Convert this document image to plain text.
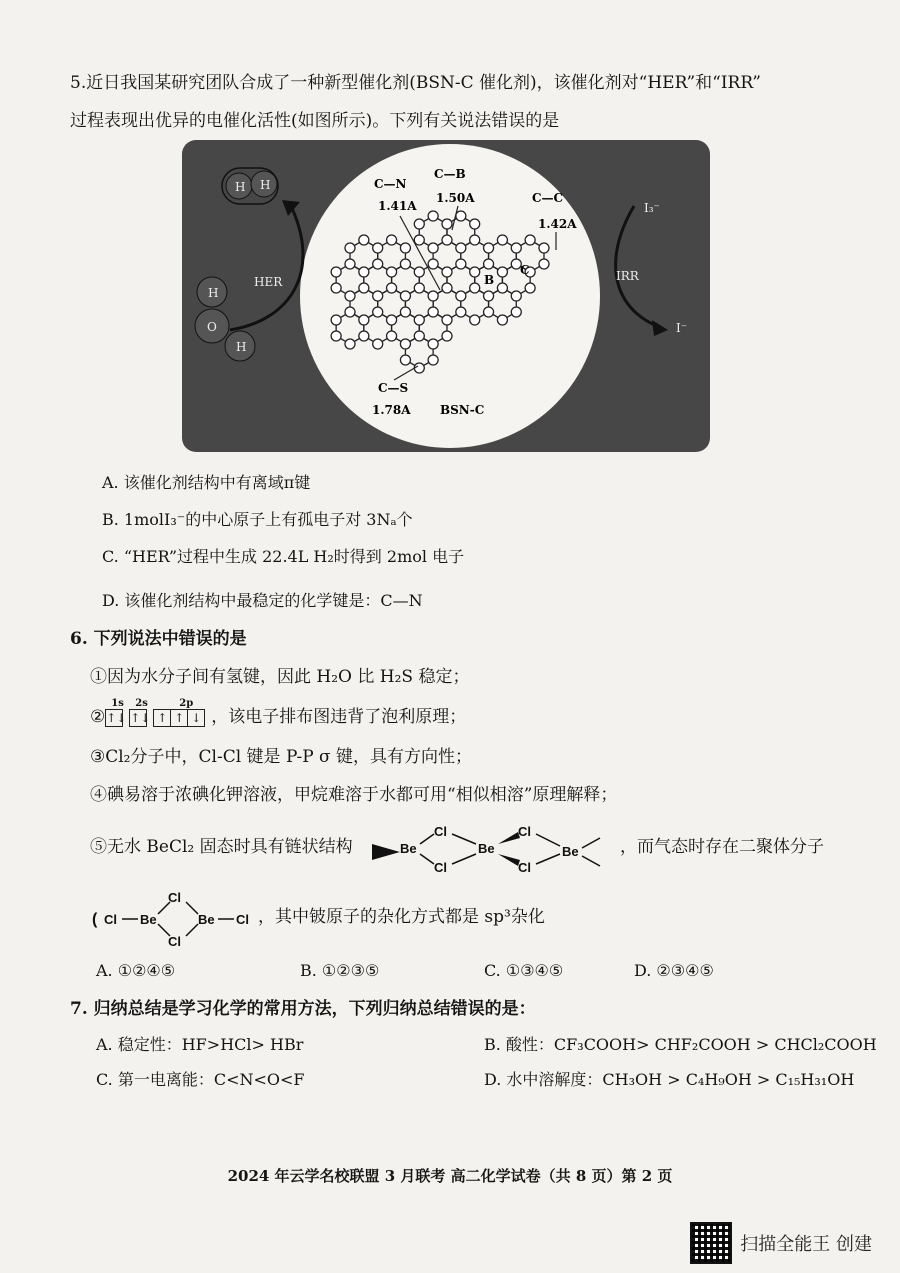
5.近日我国某研究团队合成了一种新型催化剂(BSN-C 催化剂)，该催化剂对“HER”和“IRR”
过程表现出优异的电催化活性(如图所示)。下列有关说法错误的是
H H
H
O
H
HER	IRR
I₃⁻
I⁻
C—N
1.41A
C—B
1.50A	C—C
1.42A
B
C
C—S
1.78A BSN-C
A. 该催化剂结构中有离域π键
B. 1molI₃⁻的中心原子上有孤电子对 3Nₐ个
C. “HER”过程中生成 22.4L H₂时得到 2mol 电子
D. 该催化剂结构中最稳定的化学键是：C—N
6. 下列说法中错误的是
①因为水分子间有氢键，因此 H₂O 比 H₂S 稳定；
②
1s
↑↓
2s
↑↓
2p
↑ ↑ ↓ ，该电子排布图违背了泡利原理；
③Cl₂分子中，Cl-Cl 键是 P-P σ 键，具有方向性；
④碘易溶于浓碘化钾溶液，甲烷难溶于水都可用“相似相溶”原理解释；
⑤无水 BeCl₂ 固态时具有链状结构	Be
Cl
Cl
Be
Cl
Cl
Be ，而气态时存在二聚体分子
( Cl Be
Cl
Cl
Be Cl ，其中铍原子的杂化方式都是 sp³杂化
A. ①②④⑤	B. ①②③⑤	C. ①③④⑤	D. ②③④⑤
7. 归纳总结是学习化学的常用方法，下列归纳总结错误的是：
A. 稳定性：HF>HCl> HBr	B. 酸性：CF₃COOH> CHF₂COOH > CHCl₂COOH
C. 第一电离能：C<N<O<F	D. 水中溶解度：CH₃OH > C₄H₉OH > C₁₅H₃₁OH
2024 年云学名校联盟 3 月联考 高二化学试卷（共 8 页）第 2 页
扫描全能王 创建
